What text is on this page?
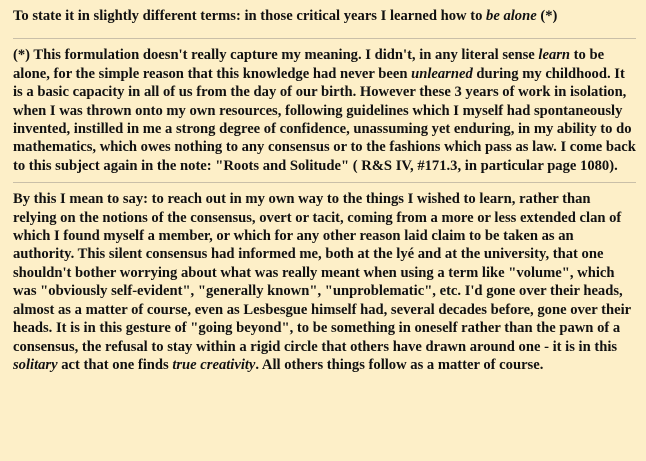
To state it in slightly different terms: in those critical years I learned how to be alone (*)

(*) This formulation doesn't really capture my meaning. I didn't, in any literal sense learn to be alone, for the simple reason that this knowledge had never been unlearned during my childhood. It is a basic capacity in all of us from the day of our birth. However these 3 years of work in isolation, when I was thrown onto my own resources, following guidelines which I myself had spontaneously invented, instilled in me a strong degree of confidence, unassuming yet enduring, in my ability to do mathematics, which owes nothing to any consensus or to the fashions which pass as law. I come back to this subject again in the note: "Roots and Solitude" ( R&S IV, #171.3, in particular page 1080).

By this I mean to say: to reach out in my own way to the things I wished to learn, rather than relying on the notions of the consensus, overt or tacit, coming from a more or less extended clan of which I found myself a member, or which for any other reason laid claim to be taken as an authority. This silent consensus had informed me, both at the lyé and at the university, that one shouldn't bother worrying about what was really meant when using a term like "volume", which was "obviously self-evident", "generally known", "unproblematic", etc. I'd gone over their heads, almost as a matter of course, even as Lesbesgue himself had, several decades before, gone over their heads. It is in this gesture of "going beyond", to be something in oneself rather than the pawn of a consensus, the refusal to stay within a rigid circle that others have drawn around one - it is in this solitary act that one finds true creativity. All others things follow as a matter of course.
